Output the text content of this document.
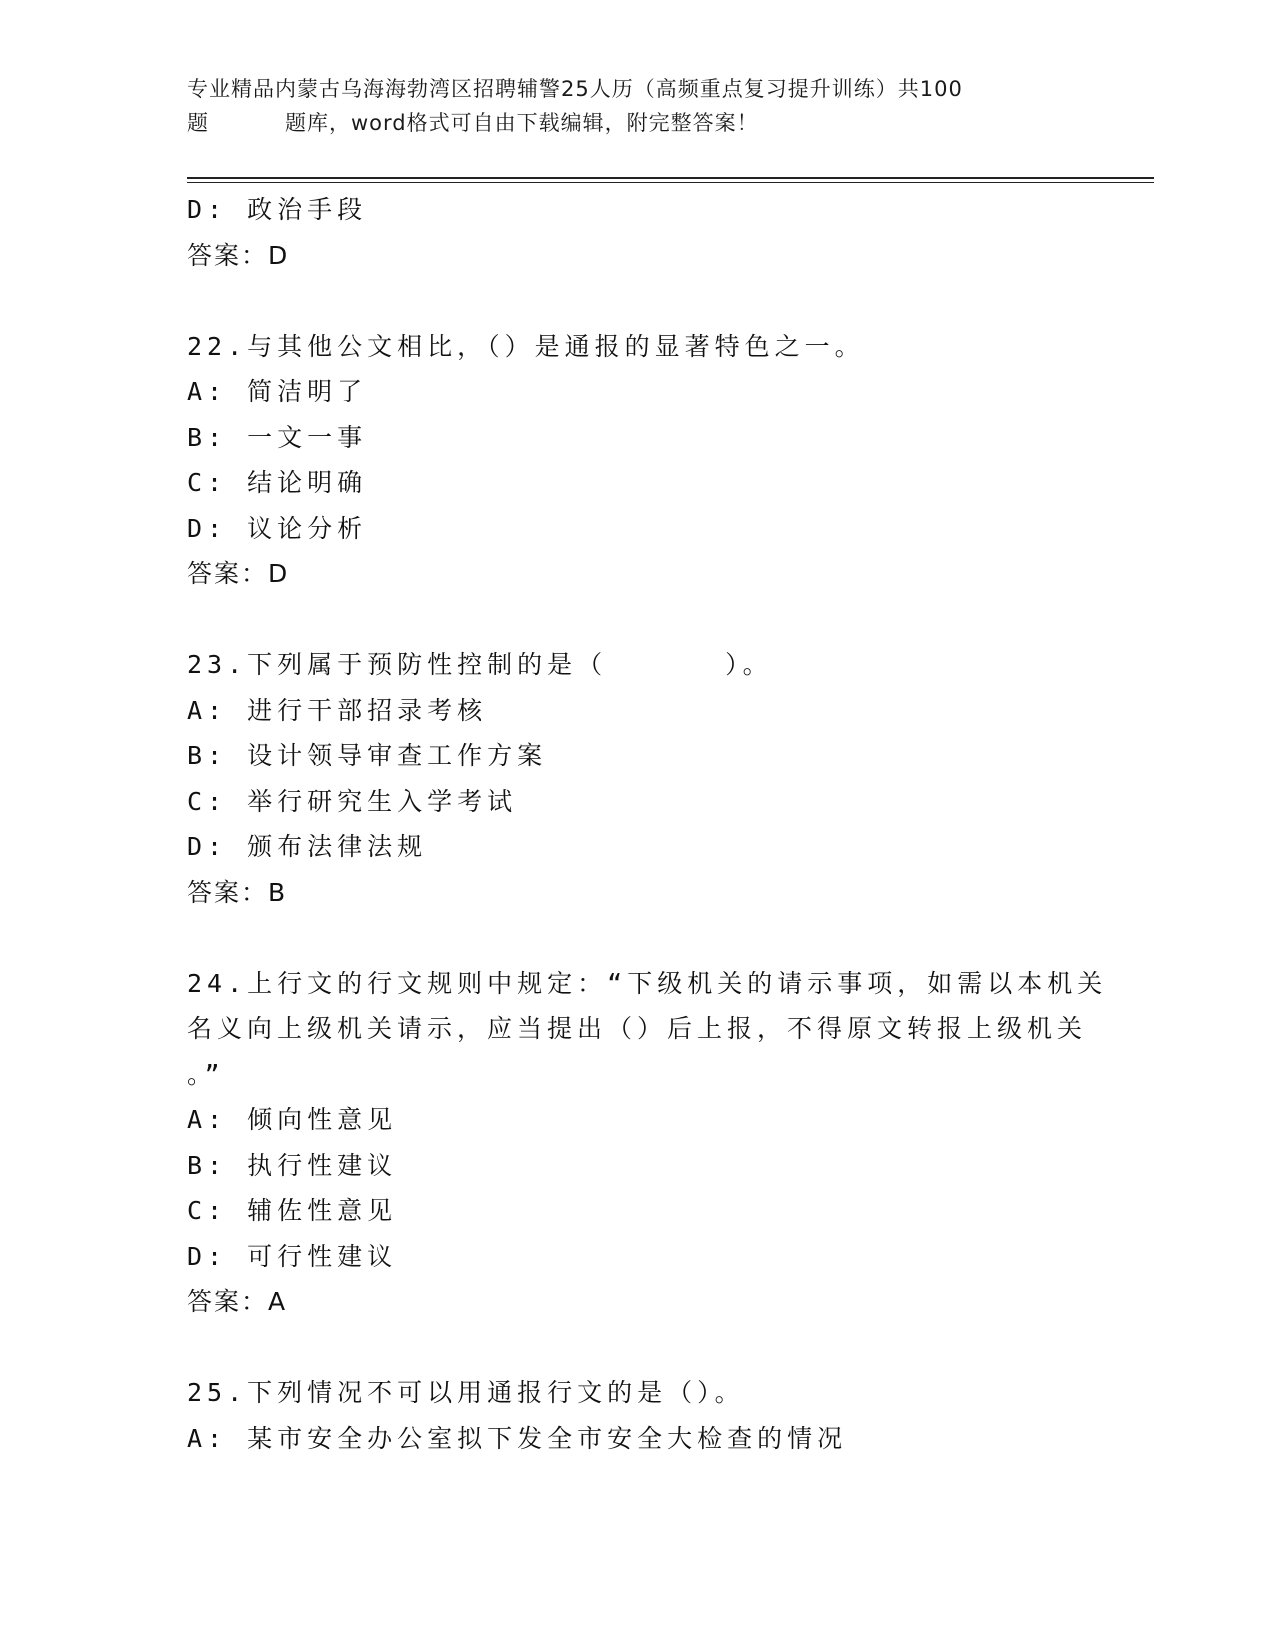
专业精品内蒙古乌海海勃湾区招聘辅警25人历（高频重点复习提升训练）共100
题	题库，word格式可自由下载编辑，附完整答案！
D: 政治手段
答案：D
22.与其他公文相比，（）是通报的显著特色之一。
A: 简洁明了
B: 一文一事
C: 结论明确
D: 议论分析
答案：D
23.下列属于预防性控制的是（	）。
A: 进行干部招录考核
B: 设计领导审查工作方案
C: 举行研究生入学考试
D: 颁布法律法规
答案：B
24.上行文的行文规则中规定：“下级机关的请示事项，如需以本机关
名义向上级机关请示，应当提出（）后上报，不得原文转报上级机关
。”
A: 倾向性意见
B: 执行性建议
C: 辅佐性意见
D: 可行性建议
答案：A
25.下列情况不可以用通报行文的是（）。
A: 某市安全办公室拟下发全市安全大检查的情况
